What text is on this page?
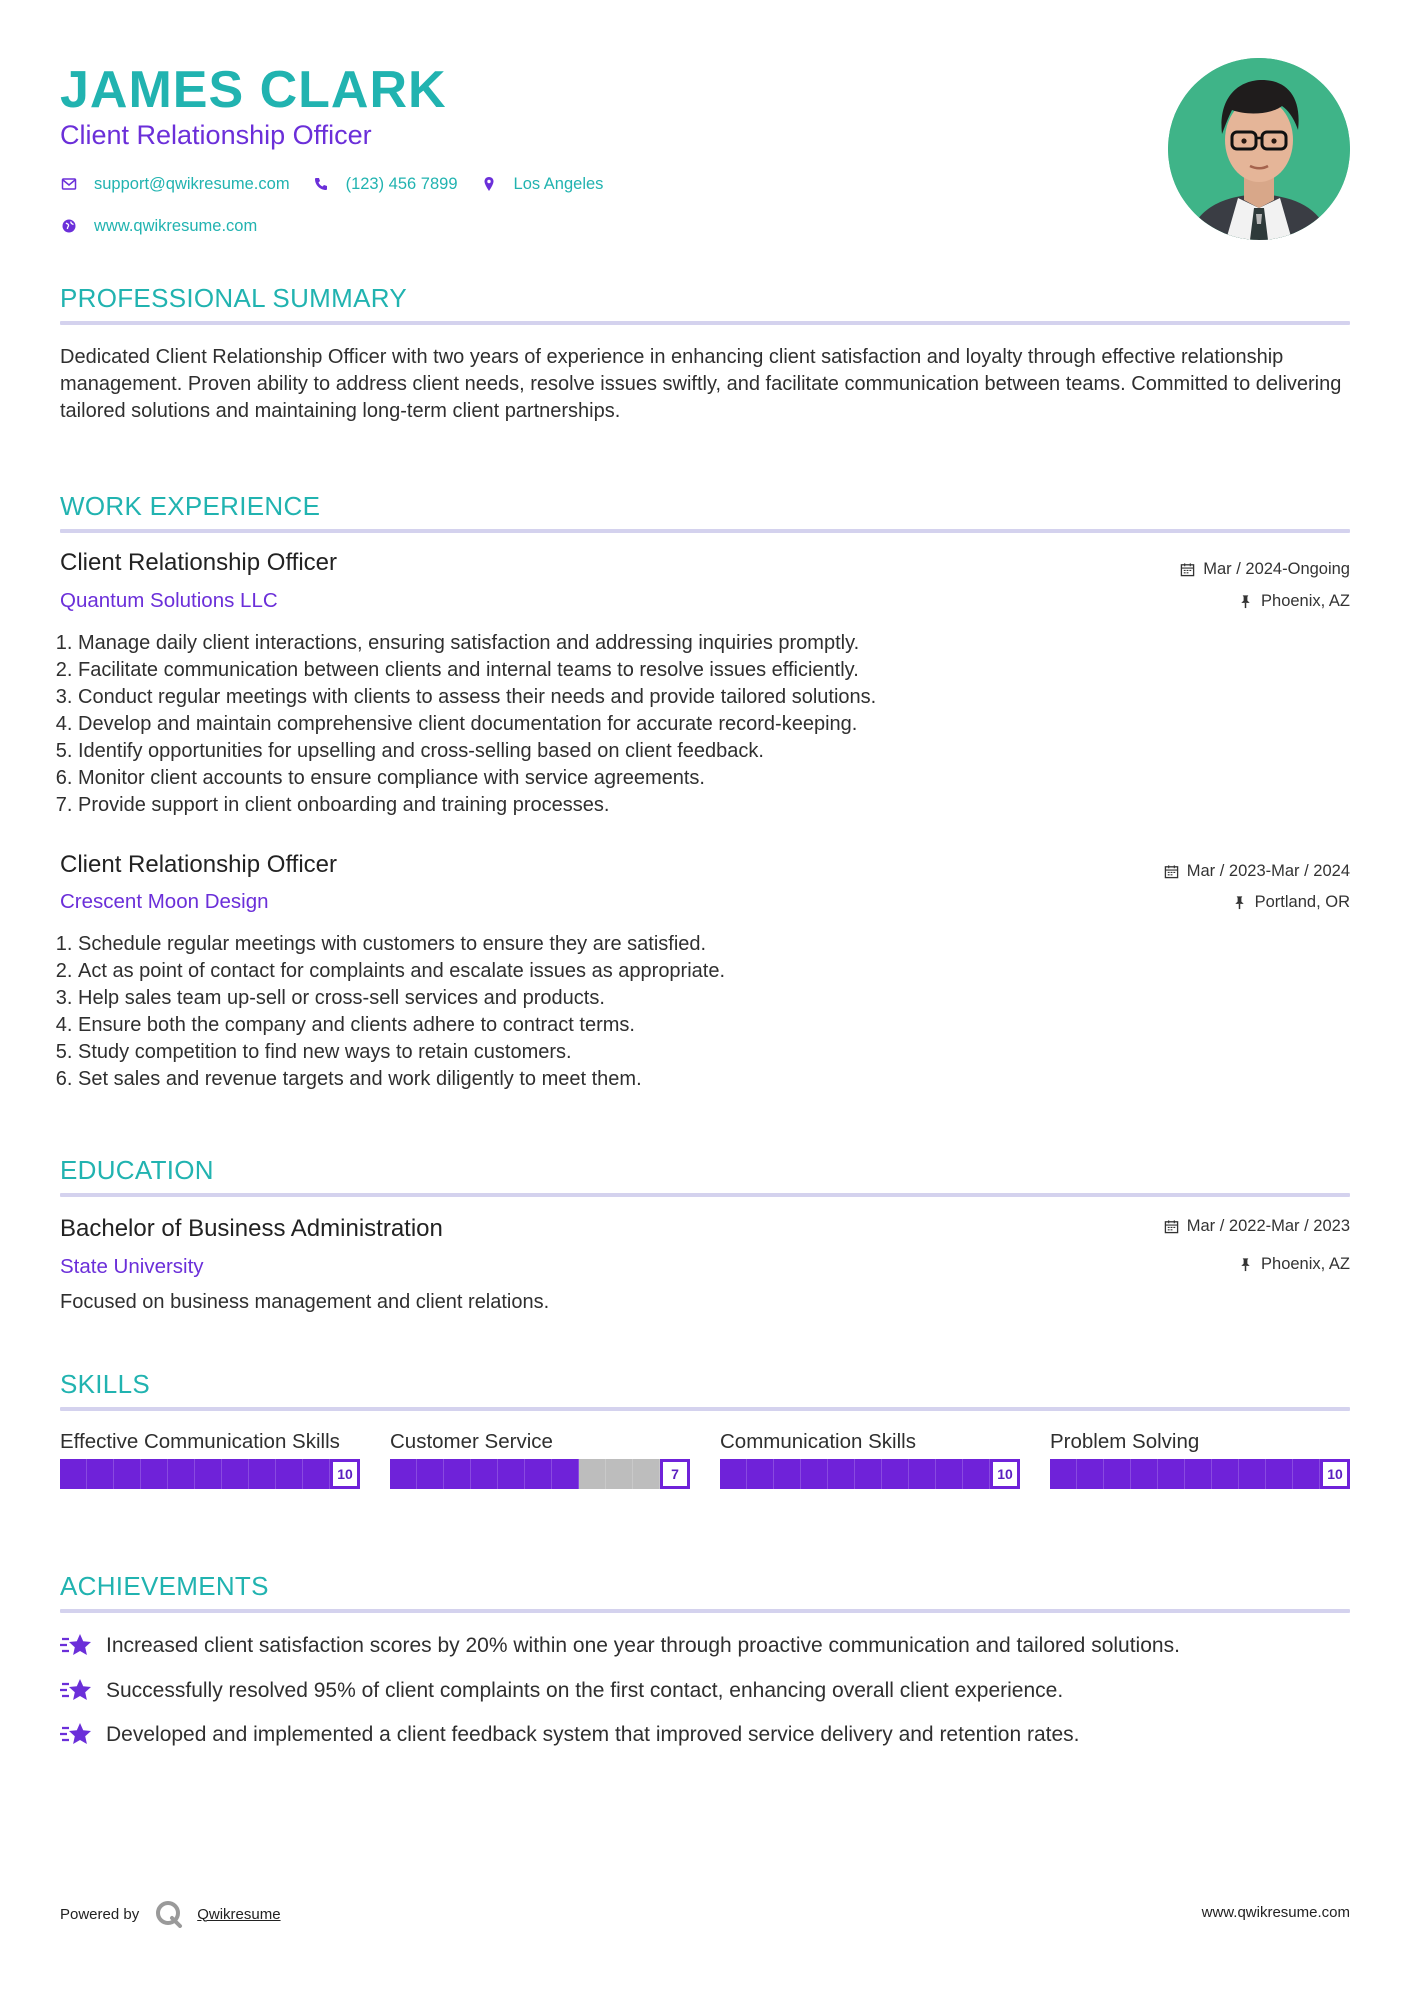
JAMES CLARK
Client Relationship Officer
support@qwikresume.com	(123) 456 7899	Los Angeles
www.qwikresume.com
PROFESSIONAL SUMMARY
Dedicated Client Relationship Officer with two years of experience in enhancing client satisfaction and loyalty through effective relationship management. Proven ability to address client needs, resolve issues swiftly, and facilitate communication between teams. Committed to delivering tailored solutions and maintaining long-term client partnerships.
WORK EXPERIENCE
Client Relationship Officer	Mar / 2024-Ongoing
Quantum Solutions LLC	Phoenix, AZ
1. Manage daily client interactions, ensuring satisfaction and addressing inquiries promptly.
2. Facilitate communication between clients and internal teams to resolve issues efficiently.
3. Conduct regular meetings with clients to assess their needs and provide tailored solutions.
4. Develop and maintain comprehensive client documentation for accurate record-keeping.
5. Identify opportunities for upselling and cross-selling based on client feedback.
6. Monitor client accounts to ensure compliance with service agreements.
7. Provide support in client onboarding and training processes.
Client Relationship Officer	Mar / 2023-Mar / 2024
Crescent Moon Design	Portland, OR
1. Schedule regular meetings with customers to ensure they are satisfied.
2. Act as point of contact for complaints and escalate issues as appropriate.
3. Help sales team up-sell or cross-sell services and products.
4. Ensure both the company and clients adhere to contract terms.
5. Study competition to find new ways to retain customers.
6. Set sales and revenue targets and work diligently to meet them.
EDUCATION
Bachelor of Business Administration	Mar / 2022-Mar / 2023
State University	Phoenix, AZ
Focused on business management and client relations.
SKILLS
Effective Communication Skills
10
Customer Service
7
Communication Skills
10
Problem Solving
10
ACHIEVEMENTS
Increased client satisfaction scores by 20% within one year through proactive communication and tailored solutions.
Successfully resolved 95% of client complaints on the first contact, enhancing overall client experience.
Developed and implemented a client feedback system that improved service delivery and retention rates.
Powered by	Qwikresume	www.qwikresume.com
